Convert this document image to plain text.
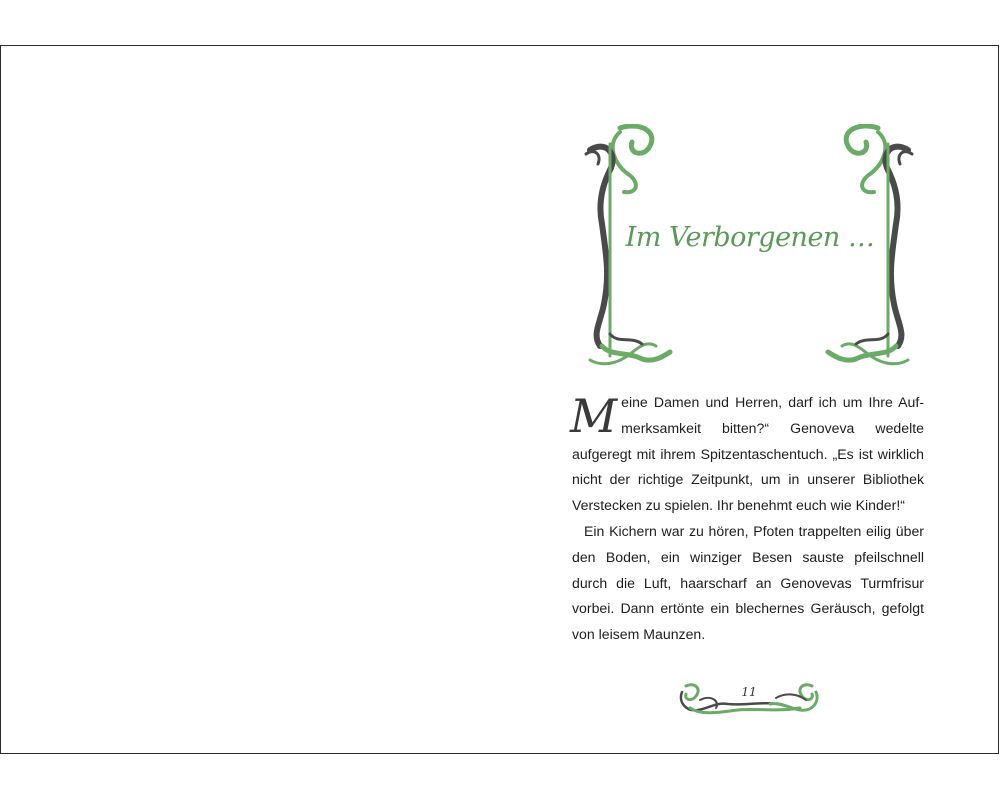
Im Verborgenen …

Meine Damen und Herren, darf ich um Ihre Auf-merksamkeit bitten?“ Genoveva wedelte aufgeregt mit ihrem Spitzentaschentuch. „Es ist wirklich nicht der richtige Zeitpunkt, um in unserer Bibliothek Verstecken zu spielen. Ihr benehmt euch wie Kinder!“

Ein Kichern war zu hören, Pfoten trappelten eilig über den Boden, ein winziger Besen sauste pfeilschnell durch die Luft, haarscharf an Genovevas Turmfrisur vorbei. Dann ertönte ein blechernes Geräusch, gefolgt von leisem Maunzen.

11
